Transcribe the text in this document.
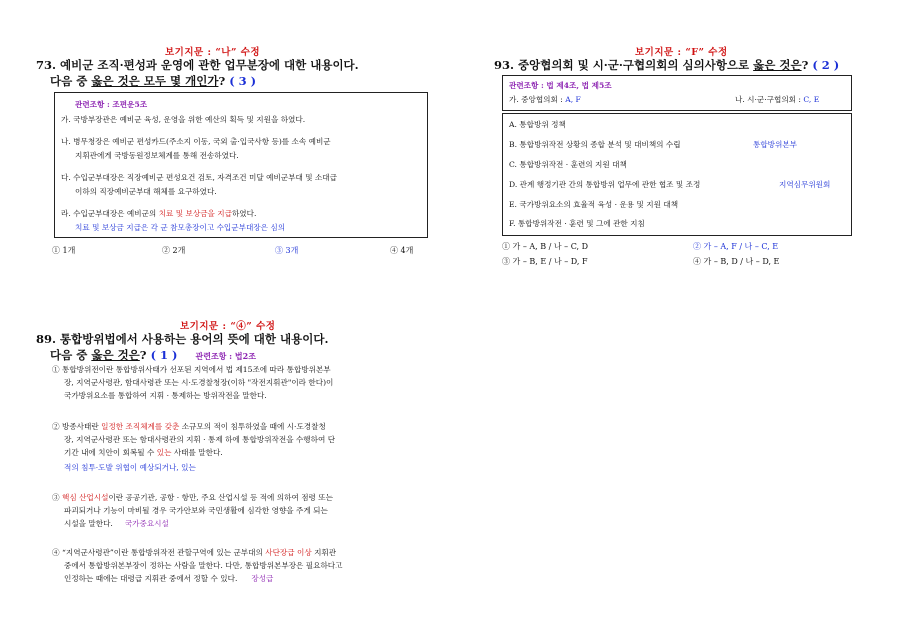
보기지문 : “나” 수정
73. 예비군 조직·편성과 운영에 관한 업무분장에 대한 내용이다.
다음 중 옳은 것은 모두 몇 개인가? ( 3 )
관련조항 : 조편운5조
가. 국방부장관은 예비군 육성, 운영을 위한 예산의 획득 및 지원을 하였다.
나. 병무청장은 예비군 편성카드(주소지 이동, 국외 출·입국사항 등)를 소속 예비군
지휘관에게 국방동원정보체계를 통해 전송하였다.
다. 수입군부대장은 직장예비군 편성요건 검토, 자격조건 미달 예비군부대 및 소대급
이하의 직장예비군부대 해체를 요구하였다.
라. 수입군부대장은 예비군의 치료 및 보상금을 지급하였다.
치료 및 보상금 지급은 각 군 참모총장이고 수입군부대장은 심의
① 1개	② 2개	③ 3개	④ 4개
보기지문 : “F” 수정
93. 중앙협의회 및 시·군·구협의회의 심의사항으로 옳은 것은? ( 2 )
관련조항 : 법 제4조, 법 제5조
가. 중앙협의회 : A, F	나. 시·군·구협의회 : C, E
A. 통합방위 정책
B. 통합방위작전 상황의 종합 분석 및 대비책의 수립	통합방위본부
C. 통합방위작전 · 훈련의 지원 대책
D. 관계 행정기관 간의 통합방위 업무에 관한 협조 및 조정	지역심무위원회
E. 국가방위요소의 효율적 육성 · 운용 및 지원 대책
F. 통합방위작전 · 훈련 및 그에 관한 지침
① 가 – A, B / 나 – C, D	② 가 – A, F / 나 – C, E
③ 가 – B, E / 나 – D, F	④ 가 – B, D / 나 – D, E
보기지문 : “④” 수정
89. 통합방위법에서 사용하는 용어의 뜻에 대한 내용이다.
다음 중 옳은 것은? ( 1 ) 관련조항 : 법2조
① 통합방위전이란 통합방위사태가 선포된 지역에서 법 제15조에 따라 통합방위본부
장, 지역군사령관, 함대사령관 또는 시·도경찰청장(이하 "작전지휘관"이라 한다)이
국가방위요소를 통합하여 지휘 · 통제하는 방위작전을 말한다.
② 방종사태란 일정한 조직체계를 갖춘 소규모의 적이 침투하였을 때에 시·도경찰청
장, 지역군사령관 또는 함대사령관의 지휘 · 통제 하에 통합방위작전을 수행하여 단
기간 내에 치안이 회복될 수 있는 사태를 말한다.
적의 침투·도발 위협이 예상되거나, 있는
③ 핵심 산업시설이란 공공기관, 공항 · 항만, 주요 산업시설 등 적에 의하여 점령 또는
파괴되거나 기능이 마비될 경우 국가안보와 국민생활에 심각한 영향을 주게 되는
시설을 말한다. 국가중요시설
④ “지역군사령관”이란 통합방위작전 관할구역에 있는 군부대의 사단장급 이상 지휘관
중에서 통합방위본부장이 정하는 사람을 말한다. 다만, 통합방위본부장은 필요하다고
인정하는 때에는 대령급 지휘관 중에서 정할 수 있다. 장성급
